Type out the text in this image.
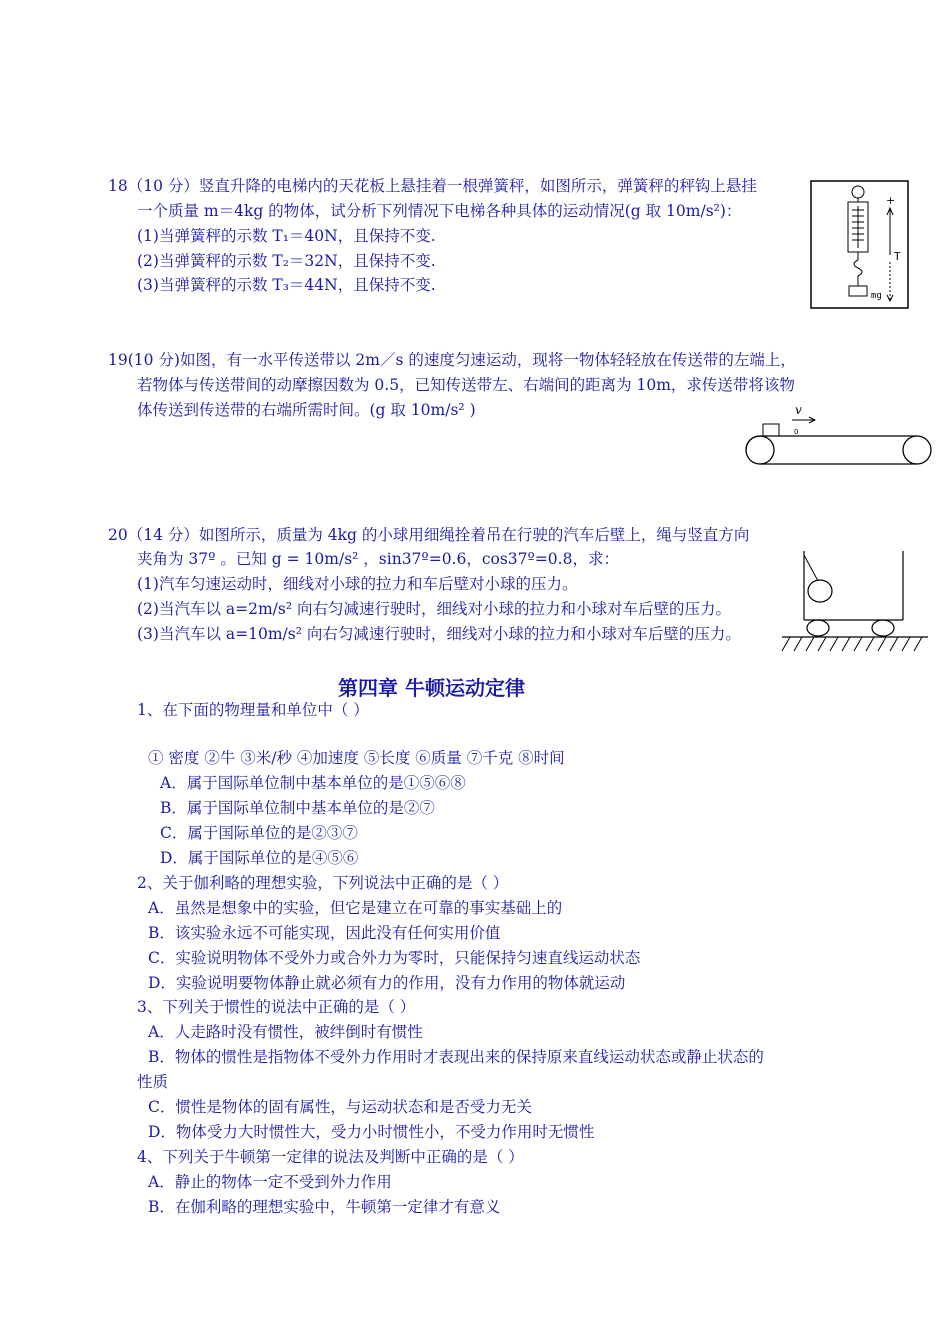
18（10 分）竖直升降的电梯内的天花板上悬挂着一根弹簧秤，如图所示，弹簧秤的秤钩上悬挂
一个质量 m＝4kg 的物体，试分析下列情况下电梯各种具体的运动情况(g 取 10m/s²)：
(1)当弹簧秤的示数 T₁＝40N，且保持不变.
(2)当弹簧秤的示数 T₂＝32N，且保持不变.
(3)当弹簧秤的示数 T₃＝44N，且保持不变.
+
T
mg
19(10 分)如图，有一水平传送带以 2m／s 的速度匀速运动，现将一物体轻轻放在传送带的左端上，
若物体与传送带间的动摩擦因数为 0.5，已知传送带左、右端间的距离为 10m，求传送带将该物
体传送到传送带的右端所需时间。(g 取 10m/s² )	v
0
20（14 分）如图所示，质量为 4kg 的小球用细绳拴着吊在行驶的汽车后壁上，绳与竖直方向
夹角为 37º 。已知 g = 10m/s² ，sin37º=0.6，cos37º=0.8，求：
(1)汽车匀速运动时，细线对小球的拉力和车后壁对小球的压力。
(2)当汽车以 a=2m/s² 向右匀减速行驶时，细线对小球的拉力和小球对车后壁的压力。
(3)当汽车以 a=10m/s² 向右匀减速行驶时，细线对小球的拉力和小球对车后壁的压力。
第四章 牛顿运动定律
1、在下面的物理量和单位中（ ）
① 密度 ②牛 ③米/秒 ④加速度 ⑤长度 ⑥质量 ⑦千克 ⑧时间
A．属于国际单位制中基本单位的是①⑤⑥⑧
B．属于国际单位制中基本单位的是②⑦
C．属于国际单位的是②③⑦
D．属于国际单位的是④⑤⑥
2、关于伽利略的理想实验，下列说法中正确的是（ ）
A．虽然是想象中的实验，但它是建立在可靠的事实基础上的
B．该实验永远不可能实现，因此没有任何实用价值
C．实验说明物体不受外力或合外力为零时，只能保持匀速直线运动状态
D．实验说明要物体静止就必须有力的作用，没有力作用的物体就运动
3、下列关于惯性的说法中正确的是（ ）
A．人走路时没有惯性，被绊倒时有惯性
B．物体的惯性是指物体不受外力作用时才表现出来的保持原来直线运动状态或静止状态的
性质
C．惯性是物体的固有属性，与运动状态和是否受力无关
D．物体受力大时惯性大，受力小时惯性小，不受力作用时无惯性
4、下列关于牛顿第一定律的说法及判断中正确的是（ ）
A．静止的物体一定不受到外力作用
B．在伽利略的理想实验中，牛顿第一定律才有意义
